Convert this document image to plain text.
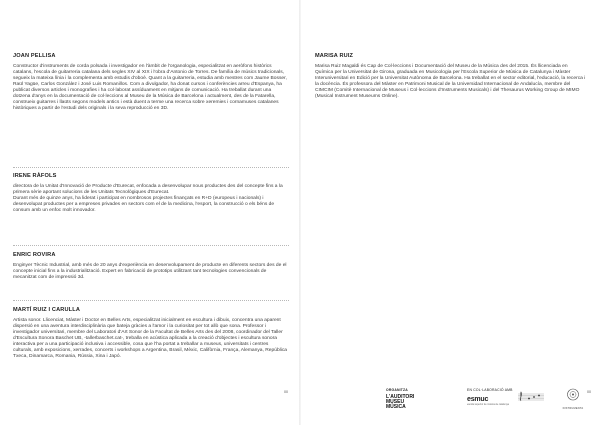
JOAN PELLISA

Constructor d'instruments de corda polsada i investigador en l'àmbit de l'organologia, especialitzat en aeròfons històrics catalans, l'escola de guitarreria catalana dels segles XIV al XIX i l'obra d'Antonio de Torres. De família de músics tradicionals, segueix la mateixa línia i la complementa amb estudis d'oboè. Quant a la guitarreria, estudia amb mestres com Jaume Bosser, Raül Yagüe, Carlos González i José Luis Romanillos. Com a divulgador, ha donat cursos i conferències arreu d'Espanya, ha publicat diversos articles i monografies i ha col·laborat assíduament en mitjans de comunicació. Ha treballat durant una dotzena d'anys en la documentació de col·leccions al Museu de la Música de Barcelona i actualment, des de la Fatarella, construeix guitarres i llaüts segons models antics i està duent a terme una recerca sobre xeremies i cornamuses catalanes històriques a partir de l'estudi dels originals i la seva reproducció en 3D.

IRENE RÀFOLS

directora de la Unitat d'Innovació de Producte d'Eurecat, enfocada a desenvolupar nous productes des del concepte fins a la primera sèrie aportant solucions de les Unitats Tecnològiques d'Eurecat.
Durant més de quinze anys, ha liderat i participat en nombrosos projectes finançats en R+D (europeus i nacionals) i desenvolupat productes per a empreses privades en sectors com el de la medicina, l'esport, la construcció o els béns de consum amb un enfoc molt innovador.

ENRIC ROVIRA

Enginyer Tècnic Industrial, amb més de 20 anys d'experiència en desenvolupament de producte en diferents sectors des de el concepte inicial fins a la industrialització. Expert en fabricació de prototips utilitzant tant tecnologies convencionals de mecanitzat com de impressió 3d.

MARTÍ RUIZ I CARULLA

Artista sonor. Llicenciat, Màster i Doctor en Belles Arts, especialitzat inicialment en escultura i dibuix, concentra una aparent dispersió en una aventura interdisciplinària que bateja gràcies a l'amor i la curiositat per tot allò que sona. Professor i investigador universitari, membre del Laboratori d'Art Sonor de la Facultat de Belles Arts des del 2008, coordinador del Taller d'Escultura Sonora Baschet UB, -tallerbaschet.cat-, treballa en acústica aplicada a la creació d'objectes i escultura sonora interactiva per a una participació inclusiva i accessible, cosa que l'ha portat a treballar a museus, universitats i centres culturals, amb exposicions, xerrades, concerts i workshops a Argentina, Brasil, Mèxic, Califòrnia, França, Alemanya, República Txeca, Dinamarca, Romania, Rússia, Xina i Japó.

00
MARISA RUIZ

Marisa Ruiz Magaldi és Cap de Col·leccions i Documentació del Museu de la Música des del 2015. És llicenciada en Química per la Universitat de Girona, graduada en Musicologia per l'Escola Superior de Música de Catalunya i Màster Interuniversitari en Edició per la Universitat Autònoma de Barcelona. Ha treballat en el sector editorial, l'educació, la recerca i la docència. És professora del Màster en Patrimoni Musical de la Universidad Internacional de Andalucía, membre del CIMCIM (Comitè Internacional de Museus i Col·leccions d'Instruments Musicals) i del Thesaurus Working Group de MIMO (Musical Instrument Museums Online).

00
ORGANITZA	EN COL·LABORACIÓ AMB
L'AUDITORI
MUSEU
MÚSICA
esmuc
escola superior de música de catalunya
INSTRUMENTA
